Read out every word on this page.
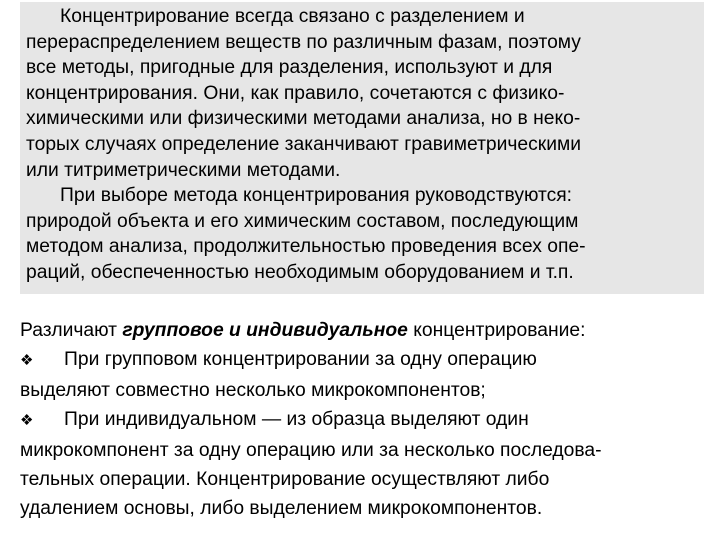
Концентрирование всегда связано с разделением и
перераспределением веществ по различным фазам, поэтому
все методы, пригодные для разделения, используют и для
концентрирования. Они, как правило, сочетаются с физико-
химическими или физическими методами анализа, но в неко-
торых случаях определение заканчивают гравиметрическими
или титриметрическими методами.
При выборе метода концентрирования руководствуются:
природой объекта и его химическим составом, последующим
методом анализа, продолжительностью проведения всех опе-
раций, обеспеченностью необходимым оборудованием и т.п.
Различают групповое и индивидуальное концентрирование:
❖ При групповом концентрировании за одну операцию
выделяют совместно несколько микрокомпонентов;
❖ При индивидуальном — из образца выделяют один
микрокомпонент за одну операцию или за несколько последова-
тельных операции. Концентрирование осуществляют либо
удалением основы, либо выделением микрокомпонентов.
